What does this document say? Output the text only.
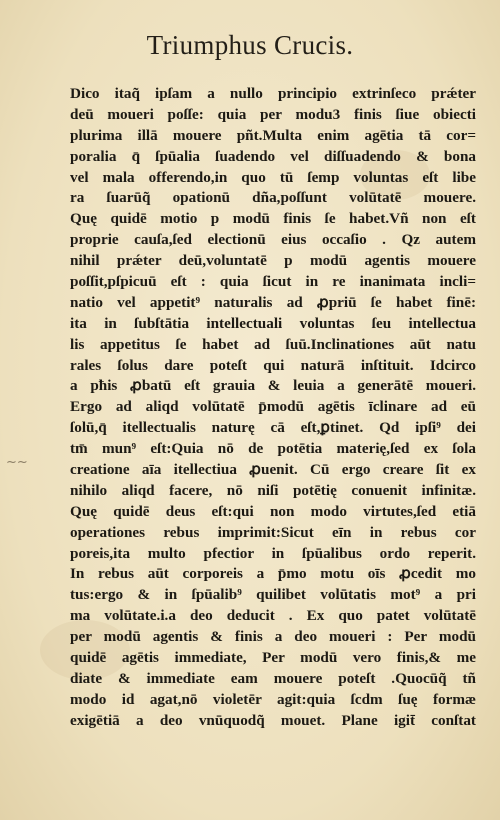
Triumphus Crucis.
~~
Dico itaq͂ ipſam a nullo principio extrinſeco prǽter
deū moueri poſſe: quia per modu3 finis ſiue obiecti
plurima illā mouere pñt.Multa enim agētia tā cor=
poralia q̄ ſpūalia ſuadendo vel diſſuadendo & bona
vel mala offerendo,in quo tū ſemp voluntas eſt libe
ra ſuarūq͂ opationū dña,poſſunt volūtatē mouere.
Quę quidē motio p modū finis ſe habet.Vñ non eſt
proprie cauſa,ſed electionū eius occaſio . Qz autem
nihil prǽter deū,voluntatē p modū agentis mouere
poſſit,pſpicuū eſt : quia ſicut in re inanimata incli=
natio vel appetit⁹ naturalis ad ꝓpriū ſe habet finē:
ita in ſubſtātia intellectuali voluntas ſeu intellectua
lis appetitus ſe habet ad ſuū.Inclinationes aūt natu
rales ſolus dare poteſt qui naturā inſtituit. Idcirco
a pħis ꝓbatū eſt grauia & leuia a generātē moueri.
Ergo ad aliqd volūtatē p̄modū agētis īclinare ad eū
ſolū,q̄ itellectualis naturę cā eſt,ꝑtinet. Qd ipſi⁹ dei
tm̄ mun⁹ eſt:Quia nō de potētia materię,ſed ex ſola
creatione aīa itellectiua ꝓuenit. Cū ergo creare ſit ex
nihilo aliqd facere, nō niſi potētię conuenit infinitæ.
Quę quidē deus eſt:qui non modo virtutes,ſed etiā
operationes rebus imprimit:Sicut eīn in rebus cor
poreis,ita multo pfectior in ſpūalibus ordo reperit.
In rebus aūt corporeis a p̄mo motu oīs ꝓcedit mo
tus:ergo & in ſpūalib⁹ quilibet volūtatis mot⁹ a pri
ma volūtate.i.a deo deducit . Ex quo patet volūtatē
per modū agentis & finis a deo moueri : Per modū
quidē agētis immediate, Per modū vero finis,& me
diate & immediate eam mouere poteſt .Quocūq͂ tñ
modo id agat,nō violetēr agit:quia ſcdm ſuę formæ
exigētiā a deo vnūquodq͂ mouet. Plane igit̄ conſtat
